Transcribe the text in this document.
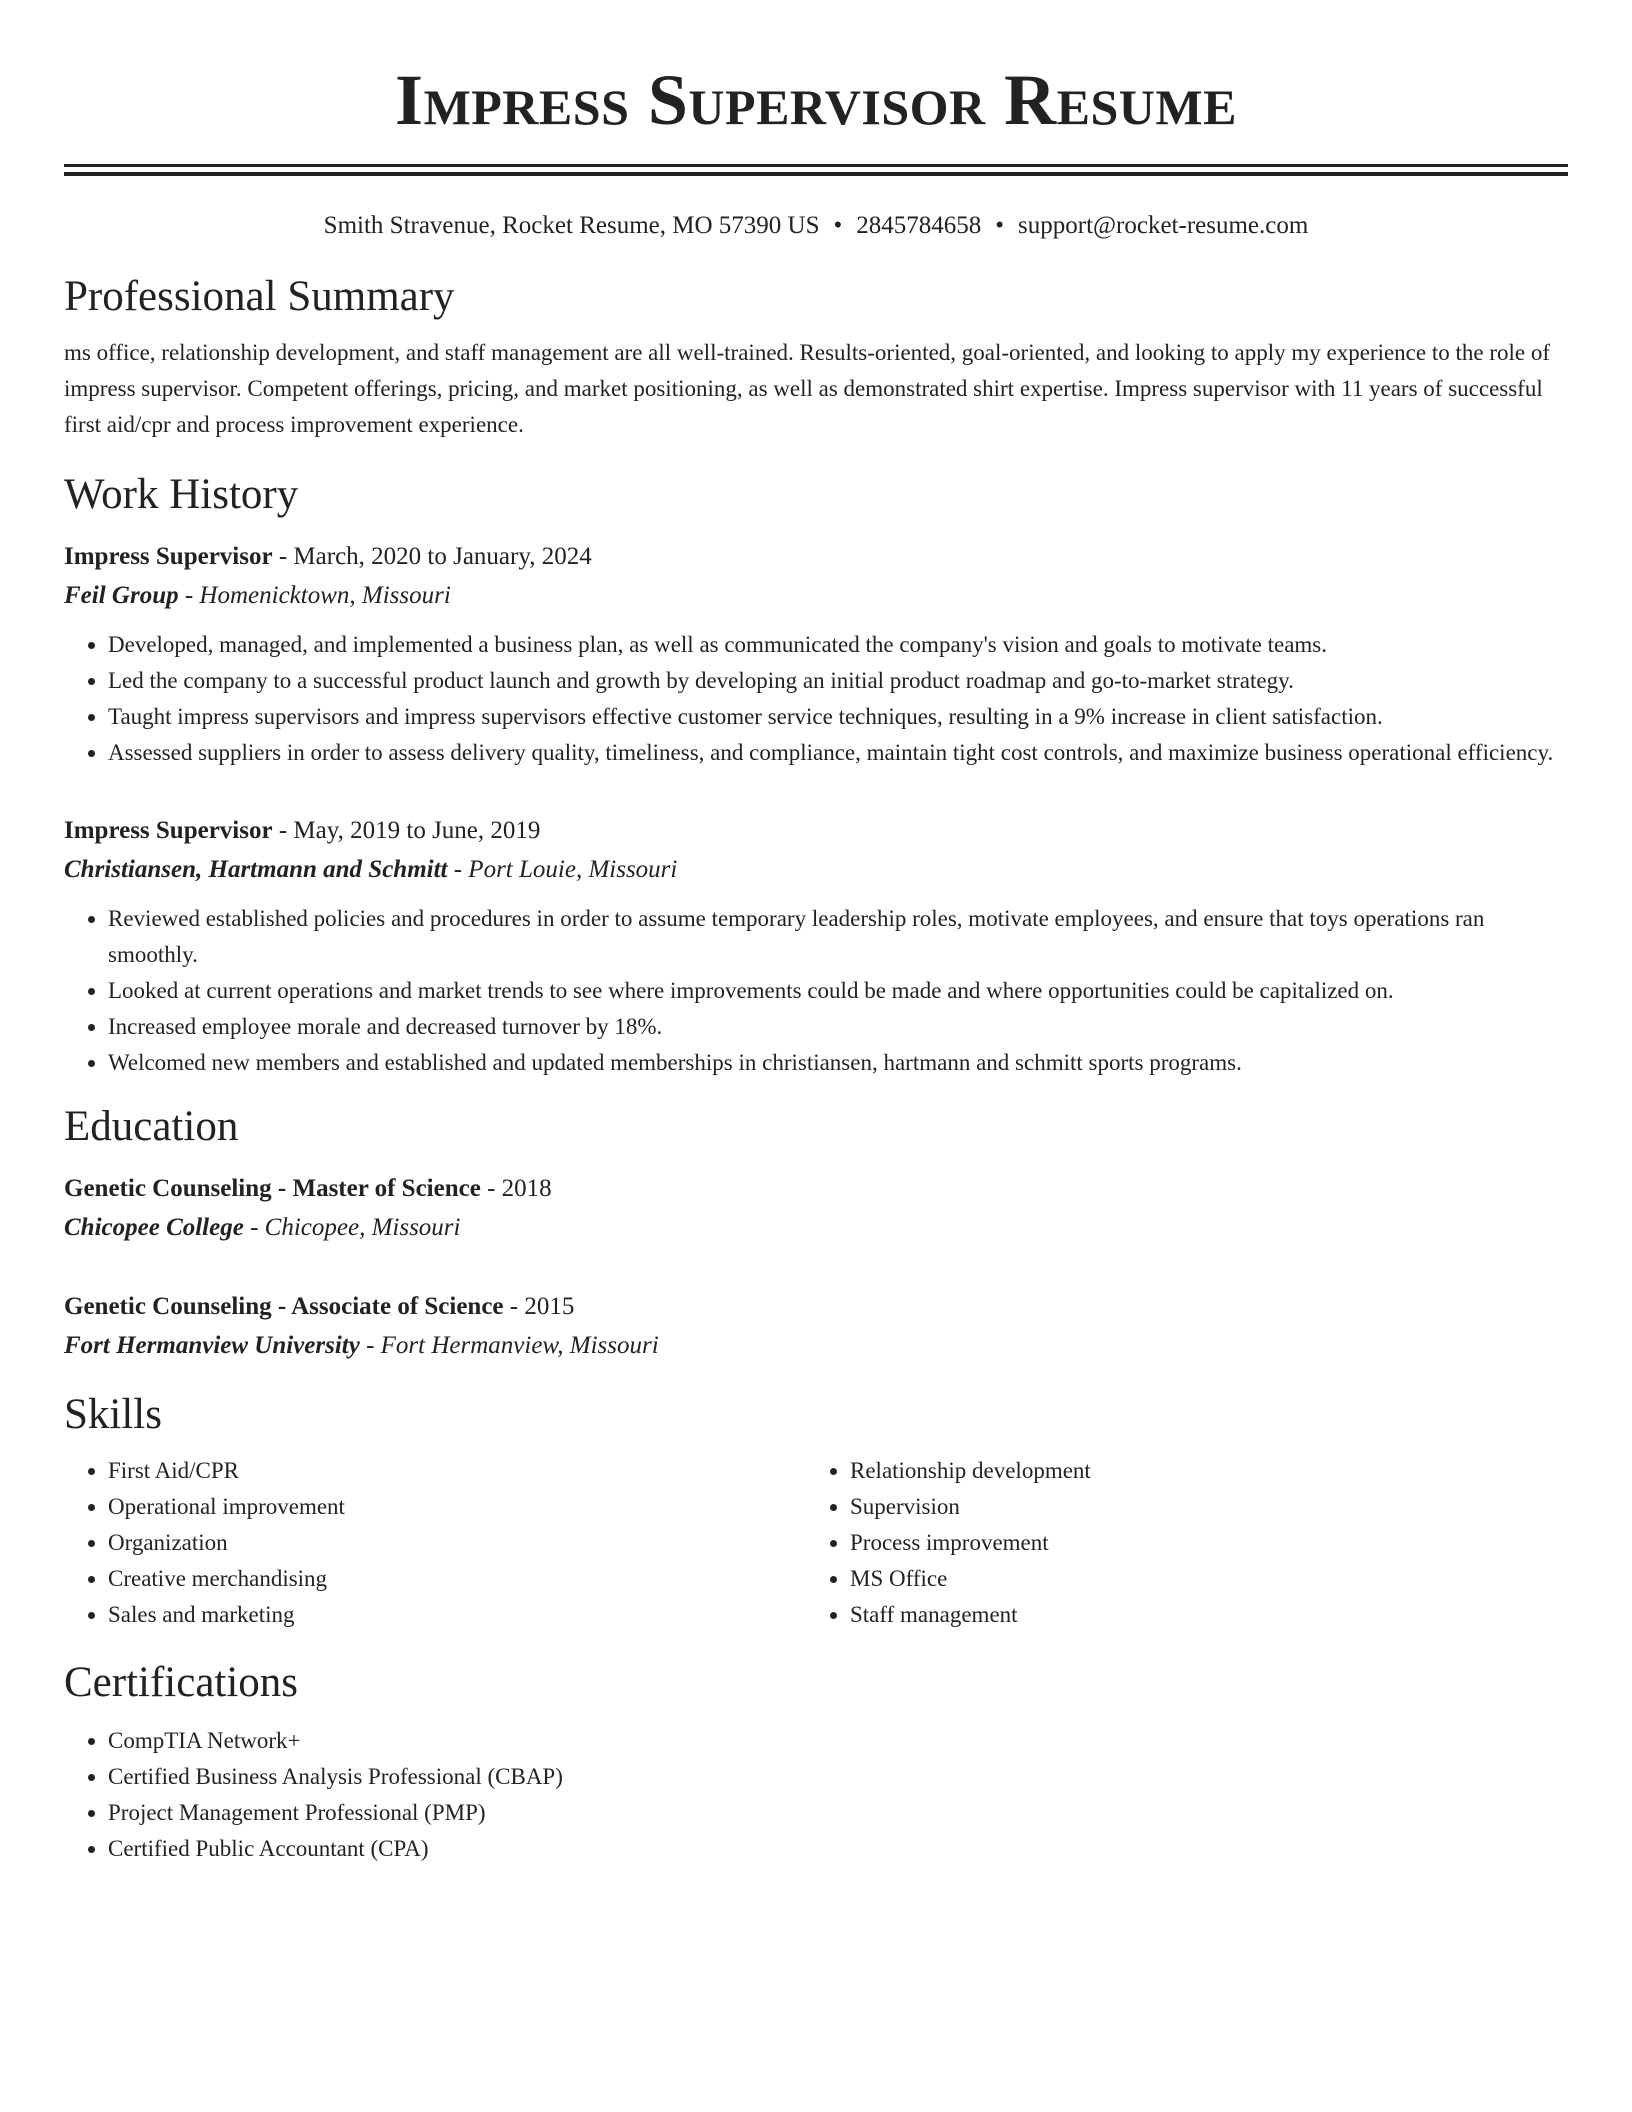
Impress Supervisor Resume
Smith Stravenue, Rocket Resume, MO 57390 US • 2845784658 • support@rocket-resume.com
Professional Summary

ms office, relationship development, and staff management are all well-trained. Results-oriented, goal-oriented, and looking to apply my experience to the role of impress supervisor. Competent offerings, pricing, and market positioning, as well as demonstrated shirt expertise. Impress supervisor with 11 years of successful first aid/cpr and process improvement experience.

Work History
Impress Supervisor - March, 2020 to January, 2024
Feil Group - Homenicktown, Missouri
• Developed, managed, and implemented a business plan, as well as communicated the company's vision and goals to motivate teams.
• Led the company to a successful product launch and growth by developing an initial product roadmap and go-to-market strategy.
• Taught impress supervisors and impress supervisors effective customer service techniques, resulting in a 9% increase in client satisfaction.
• Assessed suppliers in order to assess delivery quality, timeliness, and compliance, maintain tight cost controls, and maximize business operational efficiency.
Impress Supervisor - May, 2019 to June, 2019
Christiansen, Hartmann and Schmitt - Port Louie, Missouri
• Reviewed established policies and procedures in order to assume temporary leadership roles, motivate employees, and ensure that toys operations ran smoothly.
• Looked at current operations and market trends to see where improvements could be made and where opportunities could be capitalized on.
• Increased employee morale and decreased turnover by 18%.
• Welcomed new members and established and updated memberships in christiansen, hartmann and schmitt sports programs.
Education
Genetic Counseling - Master of Science - 2018
Chicopee College - Chicopee, Missouri
Genetic Counseling - Associate of Science - 2015
Fort Hermanview University - Fort Hermanview, Missouri
Skills
• First Aid/CPR
• Operational improvement
• Organization
• Creative merchandising
• Sales and marketing
• Relationship development
• Supervision
• Process improvement
• MS Office
• Staff management
Certifications
• CompTIA Network+
• Certified Business Analysis Professional (CBAP)
• Project Management Professional (PMP)
• Certified Public Accountant (CPA)
